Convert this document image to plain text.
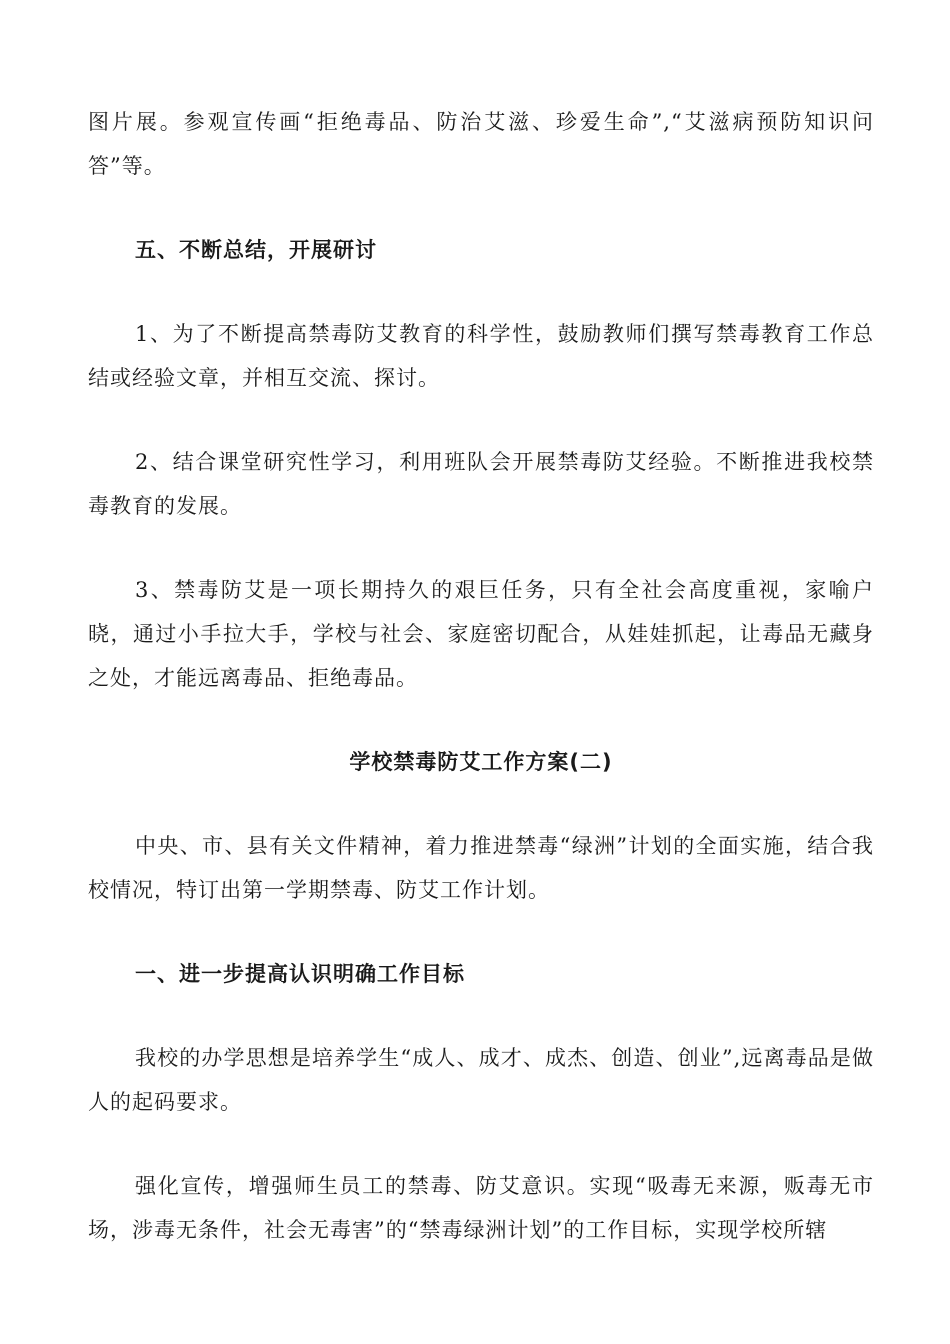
图片展。参观宣传画“拒绝毒品、防治艾滋、珍爱生命”,“艾滋病预防知识问答”等。

五、不断总结，开展研讨

1、为了不断提高禁毒防艾教育的科学性，鼓励教师们撰写禁毒教育工作总结或经验文章，并相互交流、探讨。

2、结合课堂研究性学习，利用班队会开展禁毒防艾经验。不断推进我校禁毒教育的发展。

3、禁毒防艾是一项长期持久的艰巨任务，只有全社会高度重视，家喻户晓，通过小手拉大手，学校与社会、家庭密切配合，从娃娃抓起，让毒品无藏身之处，才能远离毒品、拒绝毒品。

学校禁毒防艾工作方案(二)

中央、市、县有关文件精神，着力推进禁毒“绿洲”计划的全面实施，结合我校情况，特订出第一学期禁毒、防艾工作计划。

一、进一步提高认识明确工作目标

我校的办学思想是培养学生“成人、成才、成杰、创造、创业”,远离毒品是做人的起码要求。

强化宣传，增强师生员工的禁毒、防艾意识。实现“吸毒无来源，贩毒无市场，涉毒无条件，社会无毒害”的“禁毒绿洲计划”的工作目标，实现学校所辖
